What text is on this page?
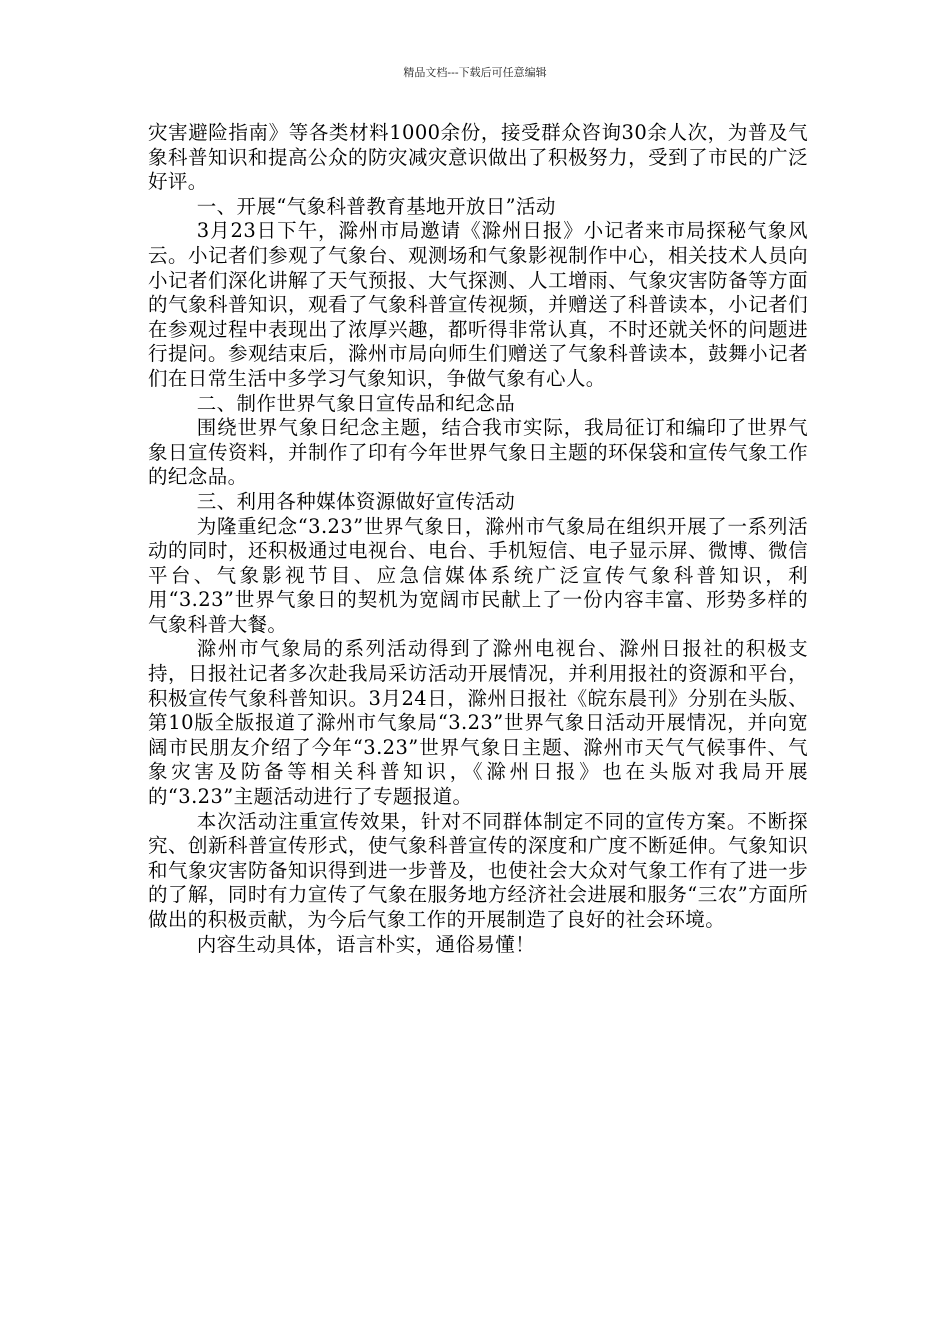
精品文档---下载后可任意编辑

灾害避险指南》等各类材料1000余份，接受群众咨询30余人次，为普及气象科普知识和提高公众的防灾减灾意识做出了积极努力，受到了市民的广泛好评。

一、开展“气象科普教育基地开放日”活动

3月23日下午，滁州市局邀请《滁州日报》小记者来市局探秘气象风云。小记者们参观了气象台、观测场和气象影视制作中心，相关技术人员向小记者们深化讲解了天气预报、大气探测、人工增雨、气象灾害防备等方面的气象科普知识，观看了气象科普宣传视频，并赠送了科普读本，小记者们在参观过程中表现出了浓厚兴趣，都听得非常认真，不时还就关怀的问题进行提问。参观结束后，滁州市局向师生们赠送了气象科普读本，鼓舞小记者们在日常生活中多学习气象知识，争做气象有心人。

二、制作世界气象日宣传品和纪念品

围绕世界气象日纪念主题，结合我市实际，我局征订和编印了世界气象日宣传资料，并制作了印有今年世界气象日主题的环保袋和宣传气象工作的纪念品。

三、利用各种媒体资源做好宣传活动

为隆重纪念“3.23”世界气象日，滁州市气象局在组织开展了一系列活动的同时，还积极通过电视台、电台、手机短信、电子显示屏、微博、微信平台、气象影视节目、应急信媒体系统广泛宣传气象科普知识，利用“3.23”世界气象日的契机为宽阔市民献上了一份内容丰富、形势多样的气象科普大餐。

滁州市气象局的系列活动得到了滁州电视台、滁州日报社的积极支持，日报社记者多次赴我局采访活动开展情况，并利用报社的资源和平台，积极宣传气象科普知识。3月24日，滁州日报社《皖东晨刊》分别在头版、第10版全版报道了滁州市气象局“3.23”世界气象日活动开展情况，并向宽阔市民朋友介绍了今年“3.23”世界气象日主题、滁州市天气气候事件、气象灾害及防备等相关科普知识，《滁州日报》也在头版对我局开展的“3.23”主题活动进行了专题报道。

本次活动注重宣传效果，针对不同群体制定不同的宣传方案。不断探究、创新科普宣传形式，使气象科普宣传的深度和广度不断延伸。气象知识和气象灾害防备知识得到进一步普及，也使社会大众对气象工作有了进一步的了解，同时有力宣传了气象在服务地方经济社会进展和服务“三农”方面所做出的积极贡献，为今后气象工作的开展制造了良好的社会环境。

内容生动具体，语言朴实，通俗易懂！
